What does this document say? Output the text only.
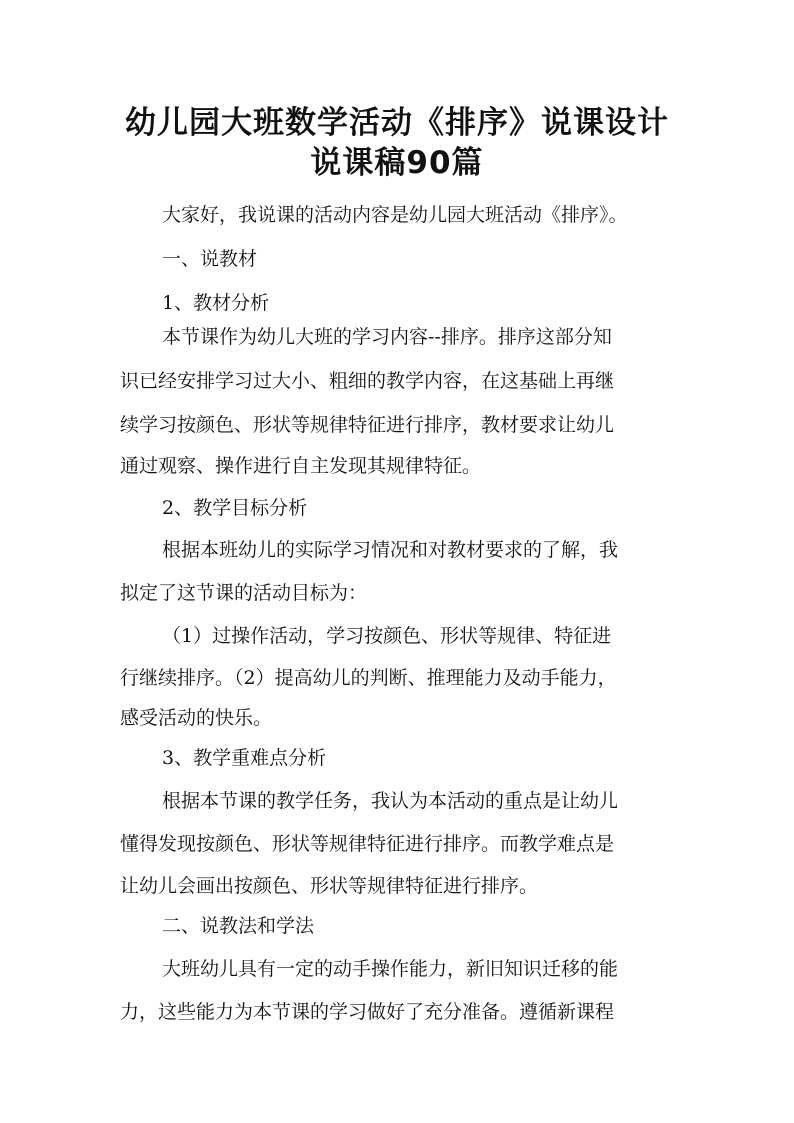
幼儿园大班数学活动《排序》说课设计
说课稿90篇

大家好，我说课的活动内容是幼儿园大班活动《排序》。

一、说教材

1、教材分析

本节课作为幼儿大班的学习内容--排序。排序这部分知

识已经安排学习过大小、粗细的教学内容，在这基础上再继

续学习按颜色、形状等规律特征进行排序，教材要求让幼儿

通过观察、操作进行自主发现其规律特征。

2、教学目标分析

根据本班幼儿的实际学习情况和对教材要求的了解，我

拟定了这节课的活动目标为：

（1）过操作活动，学习按颜色、形状等规律、特征进

行继续排序。（2）提高幼儿的判断、推理能力及动手能力，

感受活动的快乐。

3、教学重难点分析

根据本节课的教学任务，我认为本活动的重点是让幼儿

懂得发现按颜色、形状等规律特征进行排序。而教学难点是

让幼儿会画出按颜色、形状等规律特征进行排序。

二、说教法和学法

大班幼儿具有一定的动手操作能力，新旧知识迁移的能

力，这些能力为本节课的学习做好了充分准备。遵循新课程
